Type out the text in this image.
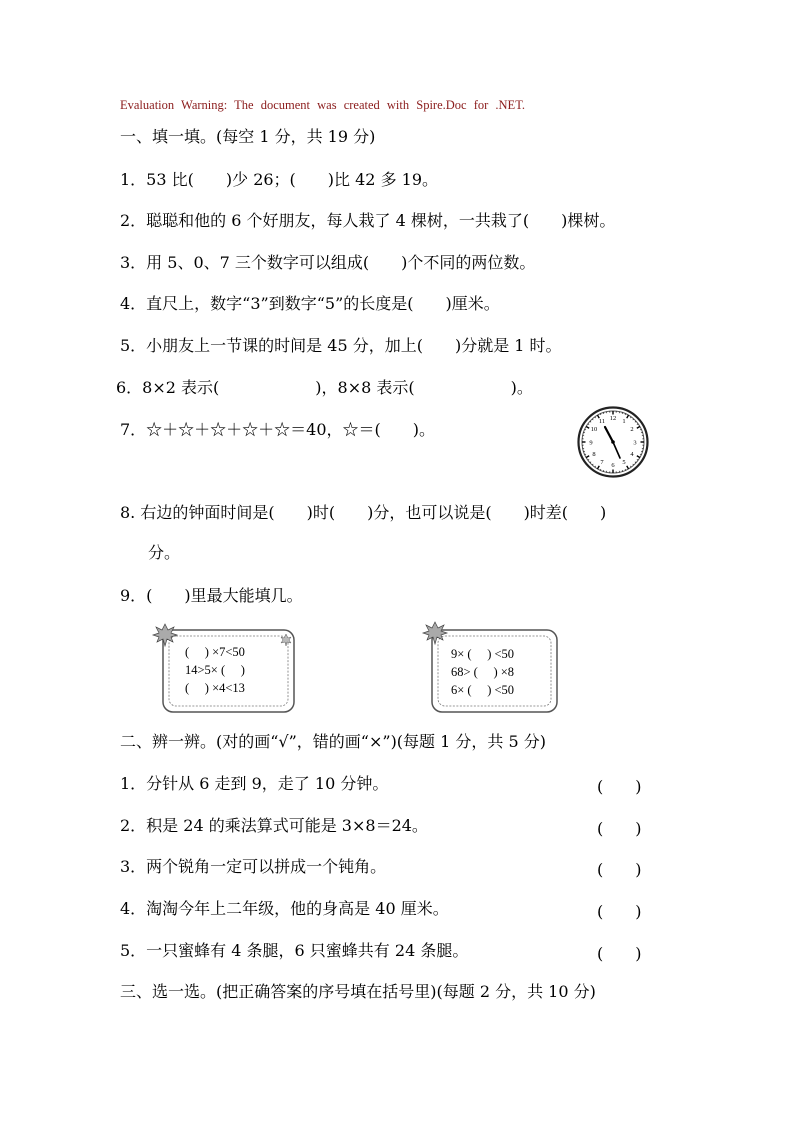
Evaluation Warning: The document was created with Spire.Doc for .NET.
一、填一填。(每空 1 分，共 19 分)
1．53 比(　　)少 26；(　　)比 42 多 19。
2．聪聪和他的 6 个好朋友，每人栽了 4 棵树，一共栽了(　　)棵树。
3．用 5、0、7 三个数字可以组成(　　)个不同的两位数。
4．直尺上，数字“3”到数字“5”的长度是(　　)厘米。
5．小朋友上一节课的时间是 45 分，加上(　　)分就是 1 时。
6．8×2 表示(　　　　　　)，8×8 表示(　　　　　　)。
7．☆＋☆＋☆＋☆＋☆＝40，☆＝(　　)。
12 1
2
3
4
5
6
7
8
9
10
11
8. 右边的钟面时间是(　　)时(　　)分，也可以说是(　　)时差(　　)
分。
9．(　　)里最大能填几。
(　 ) ×7<50
14>5× (　 )
(　 ) ×4<13
9× (　 ) <50
68> (　 ) ×8
6× (　 ) <50
二、辨一辨。(对的画“√”，错的画“×”)(每题 1 分，共 5 分)
1．分针从 6 走到 9，走了 10 分钟。	(　　)
2．积是 24 的乘法算式可能是 3×8＝24。	(　　)
3．两个锐角一定可以拼成一个钝角。	(　　)
4．淘淘今年上二年级，他的身高是 40 厘米。	(　　)
5．一只蜜蜂有 4 条腿，6 只蜜蜂共有 24 条腿。	(　　)
三、选一选。(把正确答案的序号填在括号里)(每题 2 分，共 10 分)
